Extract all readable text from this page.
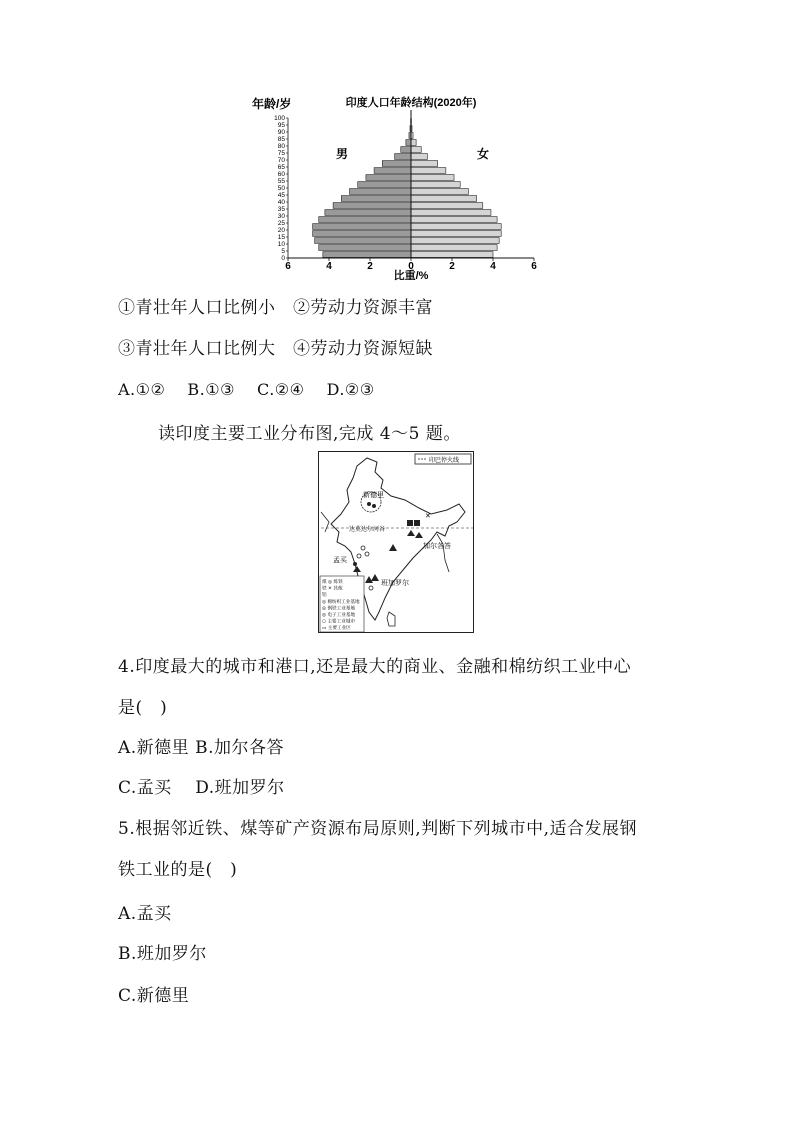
印度人口年龄结构(2020年)
年龄/岁
男	女
比重/%
0
5
10
15
20
25
30
35
40
45
50
55
60
65
70
75
80
85
90
95
100
6	4	2	0	2	4	6
①青壮年人口比例小　②劳动力资源丰富
③青壮年人口比例大　④劳动力资源短缺
A.①②　 B.①③　 C.②④　 D.②③
读印度主要工业分布图,完成 4～5 题。
印巴停火线
新德里
✕
达莫达尔河谷
加尔各答
孟买
班加罗尔
煤 ◎ 炼铁
铁 ✕ 其他
铝
◎ 棉纺织工业基地
◎ 钢铁工业基地
◎ 电子工业基地
○ 主要工业城市
▭ 主要工业区
4.印度最大的城市和港口,还是最大的商业、金融和棉纺织工业中心
是(　)
A.新德里 B.加尔各答
C.孟买　 D.班加罗尔
5.根据邻近铁、煤等矿产资源布局原则,判断下列城市中,适合发展钢
铁工业的是(　)
A.孟买
B.班加罗尔
C.新德里
